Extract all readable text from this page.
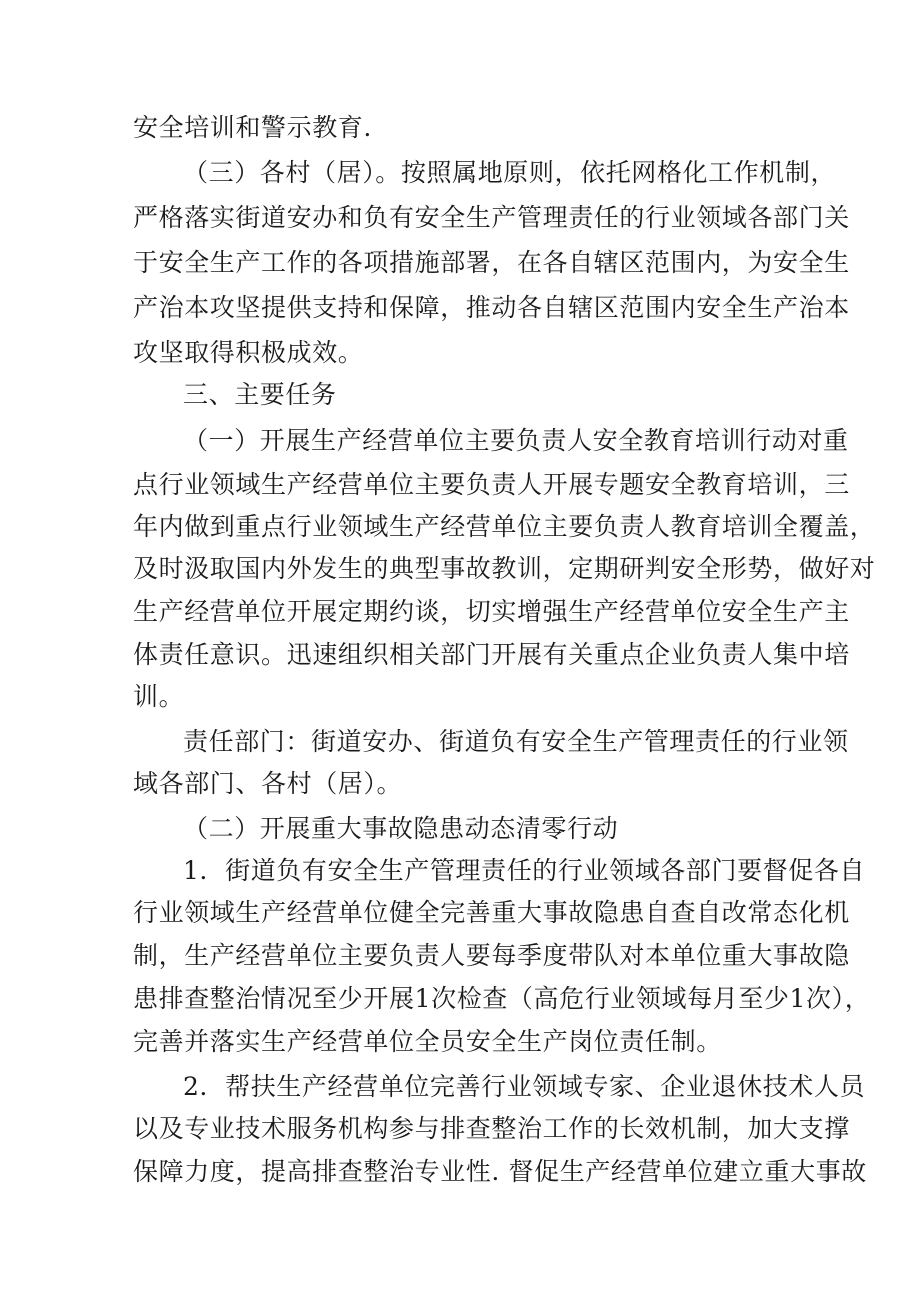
安全培训和警示教育.
（三）各村（居）。按照属地原则，依托网格化工作机制，
严格落实街道安办和负有安全生产管理责任的行业领域各部门关
于安全生产工作的各项措施部署，在各自辖区范围内，为安全生
产治本攻坚提供支持和保障，推动各自辖区范围内安全生产治本
攻坚取得积极成效。
三、主要任务
（一）开展生产经营单位主要负责人安全教育培训行动对重
点行业领域生产经营单位主要负责人开展专题安全教育培训，三
年内做到重点行业领域生产经营单位主要负责人教育培训全覆盖，
及时汲取国内外发生的典型事故教训，定期研判安全形势，做好对
生产经营单位开展定期约谈，切实增强生产经营单位安全生产主
体责任意识。迅速组织相关部门开展有关重点企业负责人集中培
训。
责任部门：街道安办、街道负有安全生产管理责任的行业领
域各部门、各村（居）。
（二）开展重大事故隐患动态清零行动
1．街道负有安全生产管理责任的行业领域各部门要督促各自
行业领域生产经营单位健全完善重大事故隐患自查自改常态化机
制，生产经营单位主要负责人要每季度带队对本单位重大事故隐
患排查整治情况至少开展1次检查（高危行业领域每月至少1次），
完善并落实生产经营单位全员安全生产岗位责任制。
2．帮扶生产经营单位完善行业领域专家、企业退休技术人员
以及专业技术服务机构参与排查整治工作的长效机制，加大支撑
保障力度，提高排查整治专业性. 督促生产经营单位建立重大事故
